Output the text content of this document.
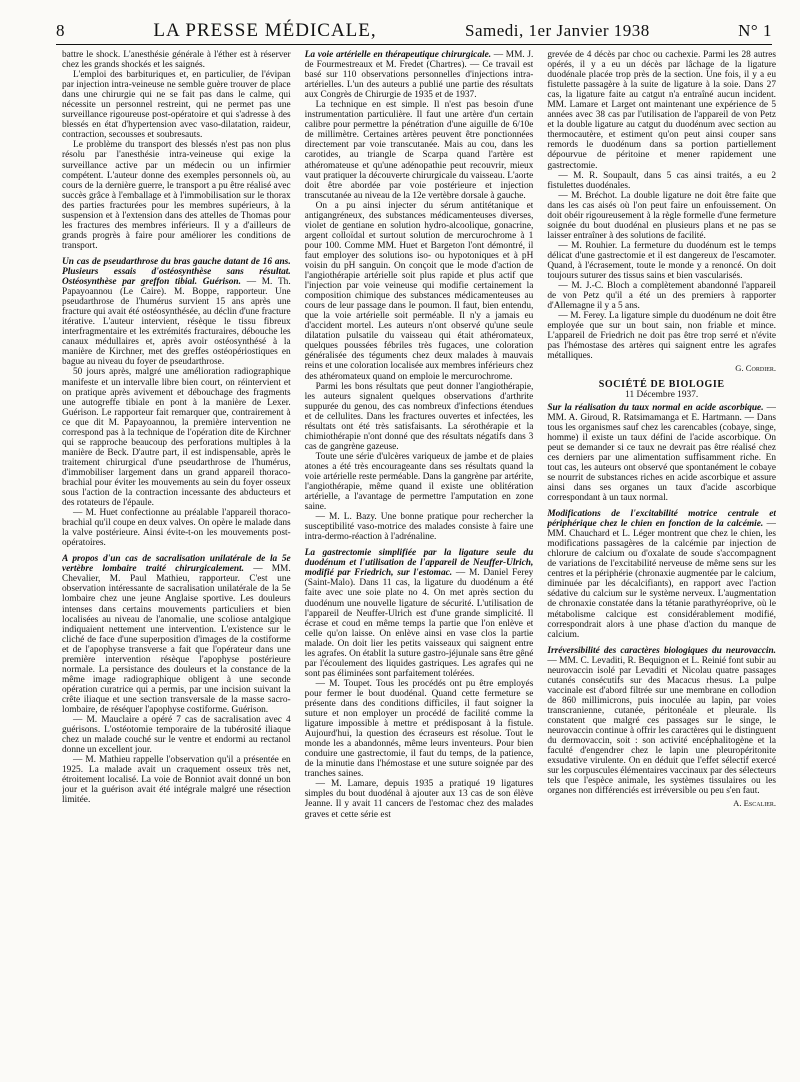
8	LA PRESSE MÉDICALE,	Samedi, 1er Janvier 1938	N° 1

battre le shock. L'anesthésie générale à l'éther est à réserver chez les grands shockés et les saignés.

L'emploi des barbituriques et, en particulier, de l'évipan par injection intra-veineuse ne semble guère trouver de place dans une chirurgie qui ne se fait pas dans le calme, qui nécessite un personnel restreint, qui ne permet pas une surveillance rigoureuse post-opératoire et qui s'adresse à des blessés en état d'hypertension avec vaso-dilatation, raideur, contraction, secousses et soubresauts.

Le problème du transport des blessés n'est pas non plus résolu par l'anesthésie intra-veineuse qui exige la surveillance active par un médecin ou un infirmier compétent. L'auteur donne des exemples personnels où, au cours de la dernière guerre, le transport a pu être réalisé avec succès grâce à l'emballage et à l'immobilisation sur le thorax des parties fracturées pour les membres supérieurs, à la suspension et à l'extension dans des attelles de Thomas pour les fractures des membres inférieurs. Il y a d'ailleurs de grands progrès à faire pour améliorer les conditions de transport.

Un cas de pseudarthrose du bras gauche datant de 16 ans. Plusieurs essais d'ostéosynthèse sans résultat. Ostéosynthèse par greffon tibial. Guérison. — M. Th. Papayoannou (Le Caire). M. Boppe, rapporteur. Une pseudarthrose de l'humérus survient 15 ans après une fracture qui avait été ostéosynthésée, au déclin d'une fracture itérative. L'auteur intervient, résèque le tissu fibreux interfragmentaire et les extrémités fracturaires, débouche les canaux médullaires et, après avoir ostéosynthésé à la manière de Kirchner, met des greffes ostéopériostiques en bague au niveau du foyer de pseudarthrose.

50 jours après, malgré une amélioration radiographique manifeste et un intervalle libre bien court, on réintervient et on pratique après avivement et débouchage des fragments une autogreffe tibiale en pont à la manière de Lexer. Guérison. Le rapporteur fait remarquer que, contrairement à ce que dit M. Papayoannou, la première intervention ne correspond pas à la technique de l'opération dite de Kirchner qui se rapproche beaucoup des perforations multiples à la manière de Beck. D'autre part, il est indispensable, après le traitement chirurgical d'une pseudarthrose de l'humérus, d'immobiliser largement dans un grand appareil thoraco-brachial pour éviter les mouvements au sein du foyer osseux sous l'action de la contraction incessante des abducteurs et des rotateurs de l'épaule.

— M. Huet confectionne au préalable l'appareil thoraco-brachial qu'il coupe en deux valves. On opère le malade dans la valve postérieure. Ainsi évite-t-on les mouvements post-opératoires.

A propos d'un cas de sacralisation unilatérale de la 5e vertèbre lombaire traité chirurgicalement. — MM. Chevalier, M. Paul Mathieu, rapporteur. C'est une observation intéressante de sacralisation unilatérale de la 5e lombaire chez une jeune Anglaise sportive. Les douleurs intenses dans certains mouvements particuliers et bien localisées au niveau de l'anomalie, une scoliose antalgique indiquaient nettement une intervention. L'existence sur le cliché de face d'une superposition d'images de la costiforme et de l'apophyse transverse a fait que l'opérateur dans une première intervention résèque l'apophyse postérieure normale. La persistance des douleurs et la constance de la même image radiographique obligent à une seconde opération curatrice qui a permis, par une incision suivant la crête iliaque et une section transversale de la masse sacro-lombaire, de réséquer l'apophyse costiforme. Guérison.

— M. Mauclaire a opéré 7 cas de sacralisation avec 4 guérisons. L'ostéotomie temporaire de la tubérosité iliaque chez un malade couché sur le ventre et endormi au rectanol donne un excellent jour.

— M. Mathieu rappelle l'observation qu'il a présentée en 1925. La malade avait un craquement osseux très net, étroitement localisé. La voie de Bonniot avait donné un bon jour et la guérison avait été intégrale malgré une résection limitée.

La voie artérielle en thérapeutique chirurgicale. — MM. J. de Fourmestreaux et M. Fredet (Chartres). — Ce travail est basé sur 110 observations personnelles d'injections intra-artérielles. L'un des auteurs a publié une partie des résultats aux Congrès de Chirurgie de 1935 et de 1937.

La technique en est simple. Il n'est pas besoin d'une instrumentation particulière. Il faut une artère d'un certain calibre pour permettre la pénétration d'une aiguille de 6/10e de millimètre. Certaines artères peuvent être ponctionnées directement par voie transcutanée. Mais au cou, dans les carotides, au triangle de Scarpa quand l'artère est athéromateuse et qu'une adénopathie peut recouvrir, mieux vaut pratiquer la découverte chirurgicale du vaisseau. L'aorte doit être abordée par voie postérieure et injection transcutanée au niveau de la 12e vertèbre dorsale à gauche.

On a pu ainsi injecter du sérum antitétanique et antigangréneux, des substances médicamenteuses diverses, violet de gentiane en solution hydro-alcoolique, gonacrine, argent colloïdal et surtout solution de mercurochrome à 1 pour 100. Comme MM. Huet et Bargeton l'ont démontré, il faut employer des solutions iso- ou hypotoniques et à pH voisin du pH sanguin. On conçoit que le mode d'action de l'angiothérapie artérielle soit plus rapide et plus actif que l'injection par voie veineuse qui modifie certainement la composition chimique des substances médicamenteuses au cours de leur passage dans le poumon. Il faut, bien entendu, que la voie artérielle soit perméable. Il n'y a jamais eu d'accident mortel. Les auteurs n'ont observé qu'une seule dilatation pulsatile du vaisseau qui était athéromateux, quelques poussées fébriles très fugaces, une coloration généralisée des téguments chez deux malades à mauvais reins et une coloration localisée aux membres inférieurs chez des athéromateux quand on emploie le mercurochrome.

Parmi les bons résultats que peut donner l'angiothérapie, les auteurs signalent quelques observations d'arthrite suppurée du genou, des cas nombreux d'infections étendues et de cellulites. Dans les fractures ouvertes et infectées, les résultats ont été très satisfaisants. La sérothérapie et la chimiothérapie n'ont donné que des résultats négatifs dans 3 cas de gangrène gazeuse.

Toute une série d'ulcères variqueux de jambe et de plaies atones a été très encourageante dans ses résultats quand la voie artérielle reste perméable. Dans la gangrène par artérite, l'angiothérapie, même quand il existe une oblitération artérielle, a l'avantage de permettre l'amputation en zone saine.

— M. L. Bazy. Une bonne pratique pour rechercher la susceptibilité vaso-motrice des malades consiste à faire une intra-dermo-réaction à l'adrénaline.

La gastrectomie simplifiée par la ligature seule du duodénum et l'utilisation de l'appareil de Neuffer-Ulrich, modifié par Friedrich, sur l'estomac. — M. Daniel Ferey (Saint-Malo). Dans 11 cas, la ligature du duodénum a été faite avec une soie plate no 4. On met après section du duodénum une nouvelle ligature de sécurité. L'utilisation de l'appareil de Neuffer-Ulrich est d'une grande simplicité. Il écrase et coud en même temps la partie que l'on enlève et celle qu'on laisse. On enlève ainsi en vase clos la partie malade. On doit lier les petits vaisseaux qui saignent entre les agrafes. On établit la suture gastro-jéjunale sans être gêné par l'écoulement des liquides gastriques. Les agrafes qui ne sont pas éliminées sont parfaitement tolérées.

— M. Toupet. Tous les procédés ont pu être employés pour fermer le bout duodénal. Quand cette fermeture se présente dans des conditions difficiles, il faut soigner la suture et non employer un procédé de facilité comme la ligature impossible à mettre et prédisposant à la fistule. Aujourd'hui, la question des écraseurs est résolue. Tout le monde les a abandonnés, même leurs inventeurs. Pour bien conduire une gastrectomie, il faut du temps, de la patience, de la minutie dans l'hémostase et une suture soignée par des tranches saines.

— M. Lamare, depuis 1935 a pratiqué 19 ligatures simples du bout duodénal à ajouter aux 13 cas de son élève Jeanne. Il y avait 11 cancers de l'estomac chez des malades graves et cette série est

grevée de 4 décès par choc ou cachexie. Parmi les 28 autres opérés, il y a eu un décès par lâchage de la ligature duodénale placée trop près de la section. Une fois, il y a eu fistulette passagère à la suite de ligature à la soie. Dans 27 cas, la ligature faite au catgut n'a entraîné aucun incident. MM. Lamare et Larget ont maintenant une expérience de 5 années avec 38 cas par l'utilisation de l'appareil de von Petz et la double ligature au catgut du duodénum avec section au thermocautère, et estiment qu'on peut ainsi couper sans remords le duodénum dans sa portion partiellement dépourvue de péritoine et mener rapidement une gastrectomie.

— M. R. Soupault, dans 5 cas ainsi traités, a eu 2 fistulettes duodénales.

— M. Bréchot. La double ligature ne doit être faite que dans les cas aisés où l'on peut faire un enfouissement. On doit obéir rigoureusement à la règle formelle d'une fermeture soignée du bout duodénal en plusieurs plans et ne pas se laisser entraîner à des solutions de facilité.

— M. Rouhier. La fermeture du duodénum est le temps délicat d'une gastrectomie et il est dangereux de l'escamoter. Quand, à l'écrasement, toute le monde y a renoncé. On doit toujours suturer des tissus sains et bien vascularisés.

— M. J.-C. Bloch a complètement abandonné l'appareil de von Petz qu'il a été un des premiers à rapporter d'Allemagne il y a 5 ans.

— M. Ferey. La ligature simple du duodénum ne doit être employée que sur un bout sain, non friable et mince. L'appareil de Friedrich ne doit pas être trop serré et n'évite pas l'hémostase des artères qui saignent entre les agrafes métalliques.

G. Cordier.

SOCIÉTÉ DE BIOLOGIE

11 Décembre 1937.

Sur la réalisation du taux normal en acide ascorbique. — MM. A. Giroud, R. Ratsimamanga et E. Hartmann. — Dans tous les organismes sauf chez les carencables (cobaye, singe, homme) il existe un taux défini de l'acide ascorbique. On peut se demander si ce taux ne devrait pas être réalisé chez ces derniers par une alimentation suffisamment riche. En tout cas, les auteurs ont observé que spontanément le cobaye se nourrit de substances riches en acide ascorbique et assure ainsi dans ses organes un taux d'acide ascorbique correspondant à un taux normal.

Modifications de l'excitabilité motrice centrale et périphérique chez le chien en fonction de la calcémie. — MM. Chauchard et L. Léger montrent que chez le chien, les modifications passagères de la calcémie par injection de chlorure de calcium ou d'oxalate de soude s'accompagnent de variations de l'excitabilité nerveuse de même sens sur les centres et la périphérie (chronaxie augmentée par le calcium, diminuée par les décalcifiants), en rapport avec l'action sédative du calcium sur le système nerveux. L'augmentation de chronaxie constatée dans la tétanie parathyréoprive, où le métabolisme calcique est considérablement modifié, correspondrait alors à une phase d'action du manque de calcium.

Irréversibilité des caractères biologiques du neurovaccin. — MM. C. Levaditi, R. Bequignon et L. Reinié font subir au neurovaccin isolé par Levaditi et Nicolau quatre passages cutanés consécutifs sur des Macacus rhesus. La pulpe vaccinale est d'abord filtrée sur une membrane en collodion de 860 millimicrons, puis inoculée au lapin, par voies transcranienne, cutanée, péritonéale et pleurale. Ils constatent que malgré ces passages sur le singe, le neurovaccin continue à offrir les caractères qui le distinguent du dermovaccin, soit : son activité encéphalitogène et la faculté d'engendrer chez le lapin une pleuropéritonite exsudative virulente. On en déduit que l'effet sélectif exercé sur les corpuscules élémentaires vaccinaux par des sélecteurs tels que l'espèce animale, les systèmes tissulaires ou les organes non différenciés est irréversible ou peu s'en faut.

A. Escalier.
